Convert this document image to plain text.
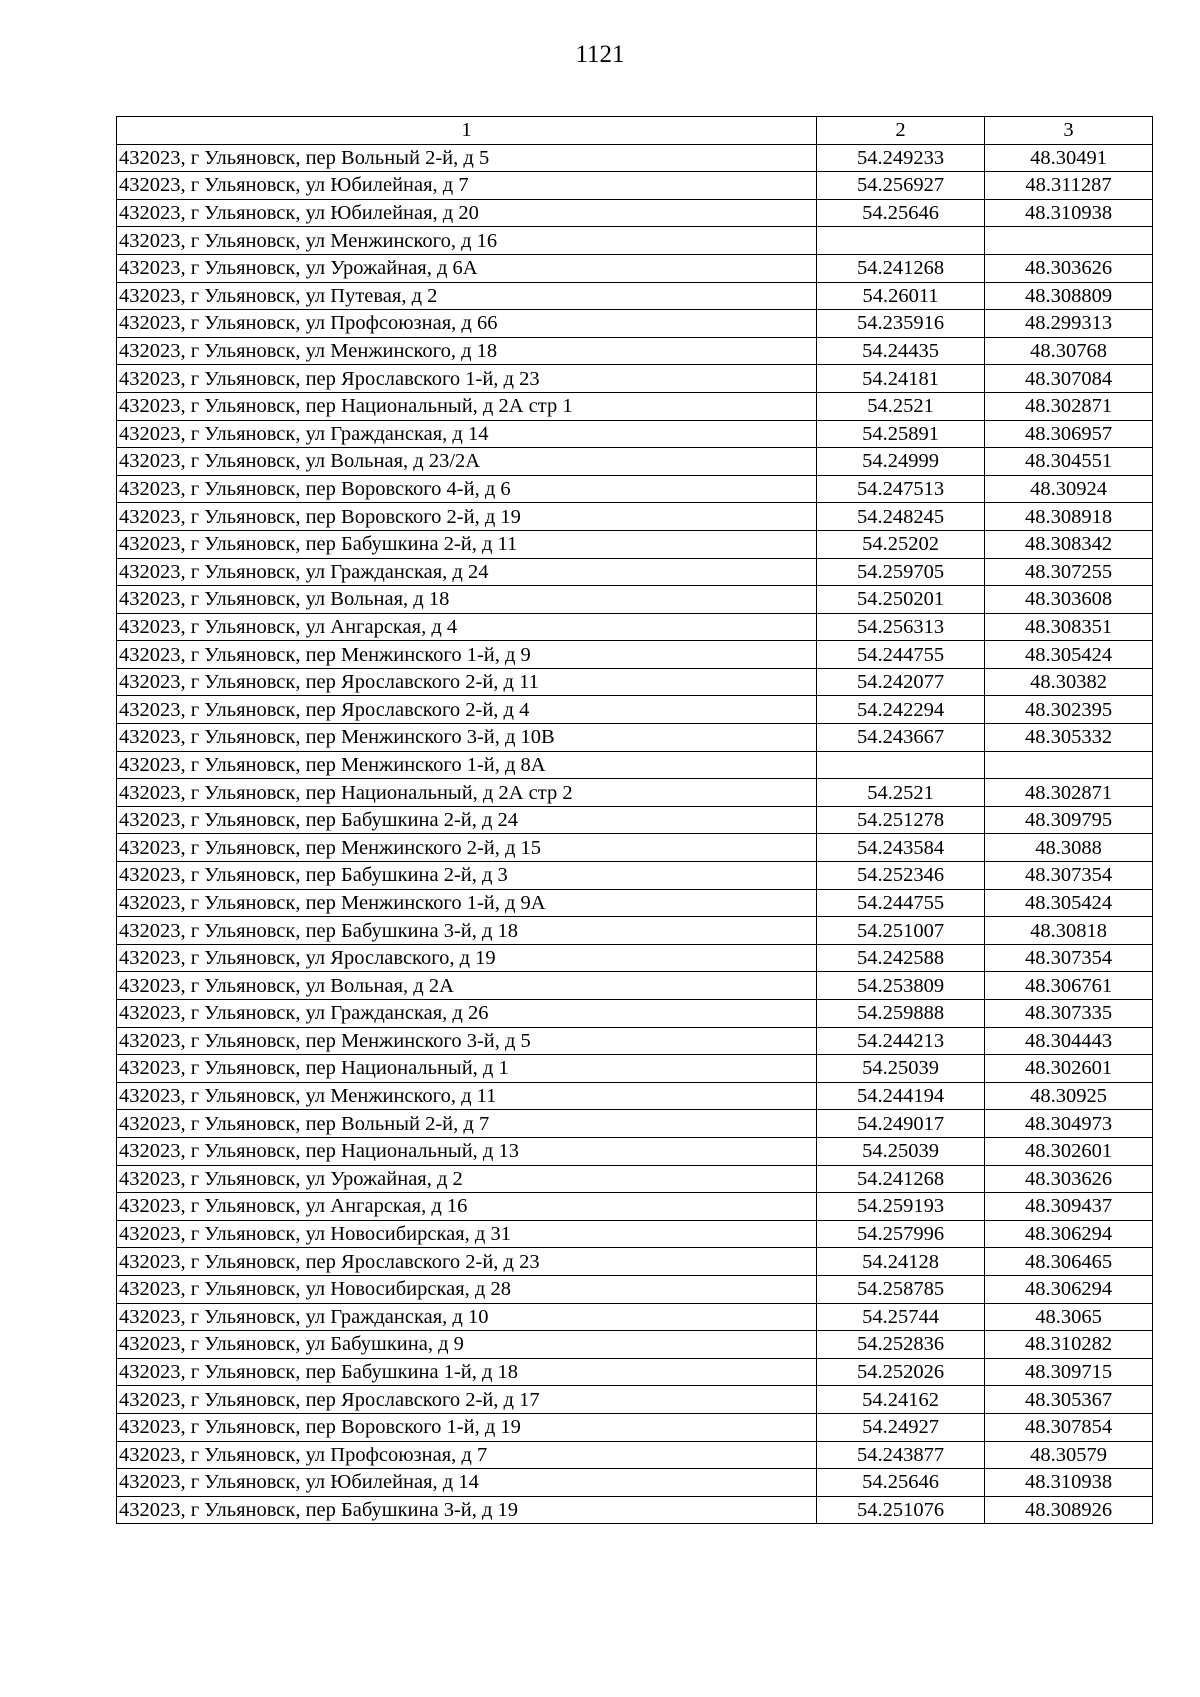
1121
1	2	3
432023, г Ульяновск, пер Вольный 2-й, д 5	54.249233	48.30491
432023, г Ульяновск, ул Юбилейная, д 7	54.256927	48.311287
432023, г Ульяновск, ул Юбилейная, д 20	54.25646	48.310938
432023, г Ульяновск, ул Менжинского, д 16		
432023, г Ульяновск, ул Урожайная, д 6А	54.241268	48.303626
432023, г Ульяновск, ул Путевая, д 2	54.26011	48.308809
432023, г Ульяновск, ул Профсоюзная, д 66	54.235916	48.299313
432023, г Ульяновск, ул Менжинского, д 18	54.24435	48.30768
432023, г Ульяновск, пер Ярославского 1-й, д 23	54.24181	48.307084
432023, г Ульяновск, пер Национальный, д 2А стр 1	54.2521	48.302871
432023, г Ульяновск, ул Гражданская, д 14	54.25891	48.306957
432023, г Ульяновск, ул Вольная, д 23/2А	54.24999	48.304551
432023, г Ульяновск, пер Воровского 4-й, д 6	54.247513	48.30924
432023, г Ульяновск, пер Воровского 2-й, д 19	54.248245	48.308918
432023, г Ульяновск, пер Бабушкина 2-й, д 11	54.25202	48.308342
432023, г Ульяновск, ул Гражданская, д 24	54.259705	48.307255
432023, г Ульяновск, ул Вольная, д 18	54.250201	48.303608
432023, г Ульяновск, ул Ангарская, д 4	54.256313	48.308351
432023, г Ульяновск, пер Менжинского 1-й, д 9	54.244755	48.305424
432023, г Ульяновск, пер Ярославского 2-й, д 11	54.242077	48.30382
432023, г Ульяновск, пер Ярославского 2-й, д 4	54.242294	48.302395
432023, г Ульяновск, пер Менжинского 3-й, д 10В	54.243667	48.305332
432023, г Ульяновск, пер Менжинского 1-й, д 8А		
432023, г Ульяновск, пер Национальный, д 2А стр 2	54.2521	48.302871
432023, г Ульяновск, пер Бабушкина 2-й, д 24	54.251278	48.309795
432023, г Ульяновск, пер Менжинского 2-й, д 15	54.243584	48.3088
432023, г Ульяновск, пер Бабушкина 2-й, д 3	54.252346	48.307354
432023, г Ульяновск, пер Менжинского 1-й, д 9А	54.244755	48.305424
432023, г Ульяновск, пер Бабушкина 3-й, д 18	54.251007	48.30818
432023, г Ульяновск, ул Ярославского, д 19	54.242588	48.307354
432023, г Ульяновск, ул Вольная, д 2А	54.253809	48.306761
432023, г Ульяновск, ул Гражданская, д 26	54.259888	48.307335
432023, г Ульяновск, пер Менжинского 3-й, д 5	54.244213	48.304443
432023, г Ульяновск, пер Национальный, д 1	54.25039	48.302601
432023, г Ульяновск, ул Менжинского, д 11	54.244194	48.30925
432023, г Ульяновск, пер Вольный 2-й, д 7	54.249017	48.304973
432023, г Ульяновск, пер Национальный, д 13	54.25039	48.302601
432023, г Ульяновск, ул Урожайная, д 2	54.241268	48.303626
432023, г Ульяновск, ул Ангарская, д 16	54.259193	48.309437
432023, г Ульяновск, ул Новосибирская, д 31	54.257996	48.306294
432023, г Ульяновск, пер Ярославского 2-й, д 23	54.24128	48.306465
432023, г Ульяновск, ул Новосибирская, д 28	54.258785	48.306294
432023, г Ульяновск, ул Гражданская, д 10	54.25744	48.3065
432023, г Ульяновск, ул Бабушкина, д 9	54.252836	48.310282
432023, г Ульяновск, пер Бабушкина 1-й, д 18	54.252026	48.309715
432023, г Ульяновск, пер Ярославского 2-й, д 17	54.24162	48.305367
432023, г Ульяновск, пер Воровского 1-й, д 19	54.24927	48.307854
432023, г Ульяновск, ул Профсоюзная, д 7	54.243877	48.30579
432023, г Ульяновск, ул Юбилейная, д 14	54.25646	48.310938
432023, г Ульяновск, пер Бабушкина 3-й, д 19	54.251076	48.308926
